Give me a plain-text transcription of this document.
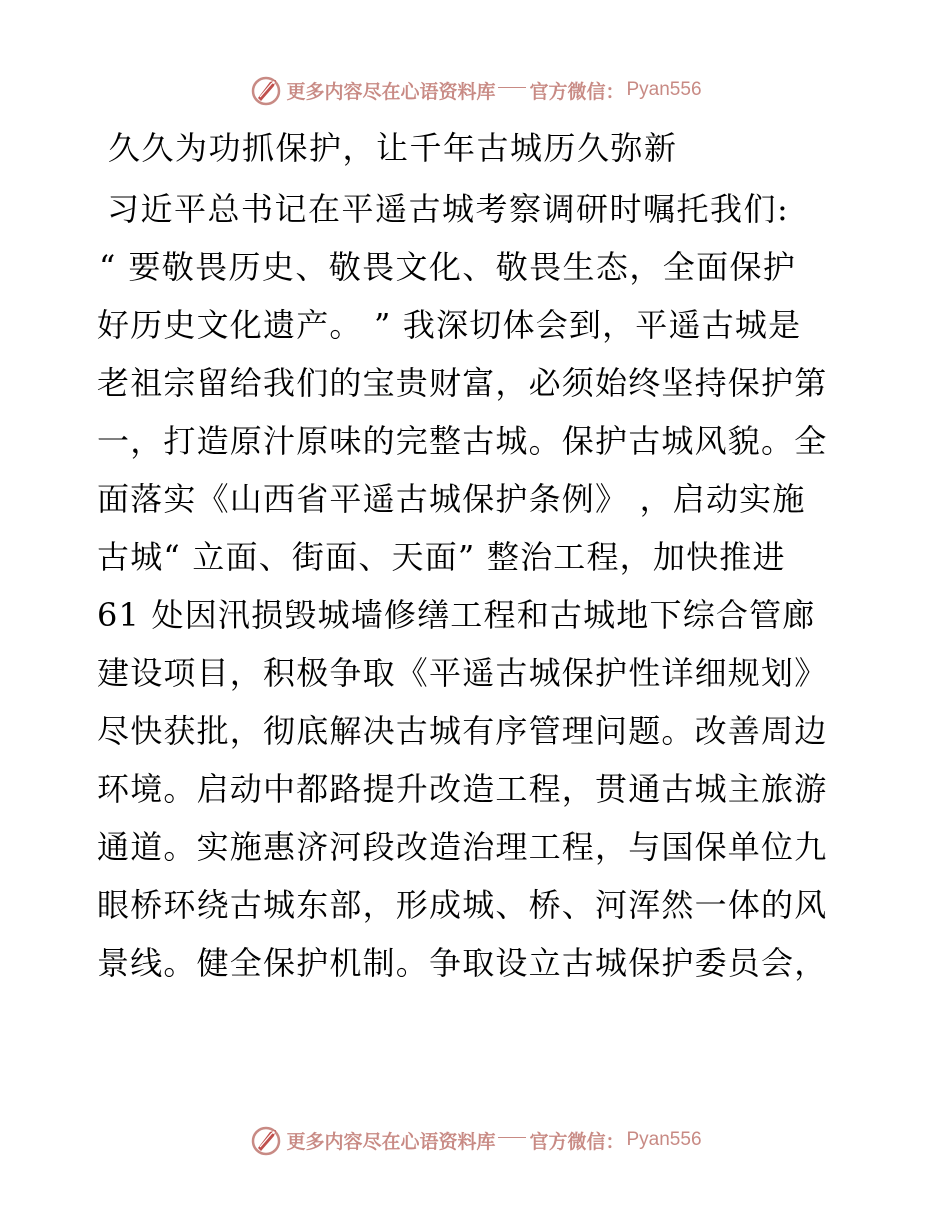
更多内容尽在心语资料库 官方微信： Pyan556
久久为功抓保护，让千年古城历久弥新
习近平总书记在平遥古城考察调研时嘱托我们:
“ 要敬畏历史、敬畏文化、敬畏生态，全面保护
好历史文化遗产。 ” 我深切体会到，平遥古城是
老祖宗留给我们的宝贵财富，必须始终坚持保护第
一，打造原汁原味的完整古城。保护古城风貌。全
面落实《山西省平遥古城保护条例》 ，启动实施
古城“ 立面、街面、天面” 整治工程，加快推进
61 处因汛损毁城墙修缮工程和古城地下综合管廊
建设项目，积极争取《平遥古城保护性详细规划》
尽快获批，彻底解决古城有序管理问题。改善周边
环境。启动中都路提升改造工程，贯通古城主旅游
通道。实施惠济河段改造治理工程，与国保单位九
眼桥环绕古城东部，形成城、桥、河浑然一体的风
景线。健全保护机制。争取设立古城保护委员会，
更多内容尽在心语资料库 官方微信： Pyan556
